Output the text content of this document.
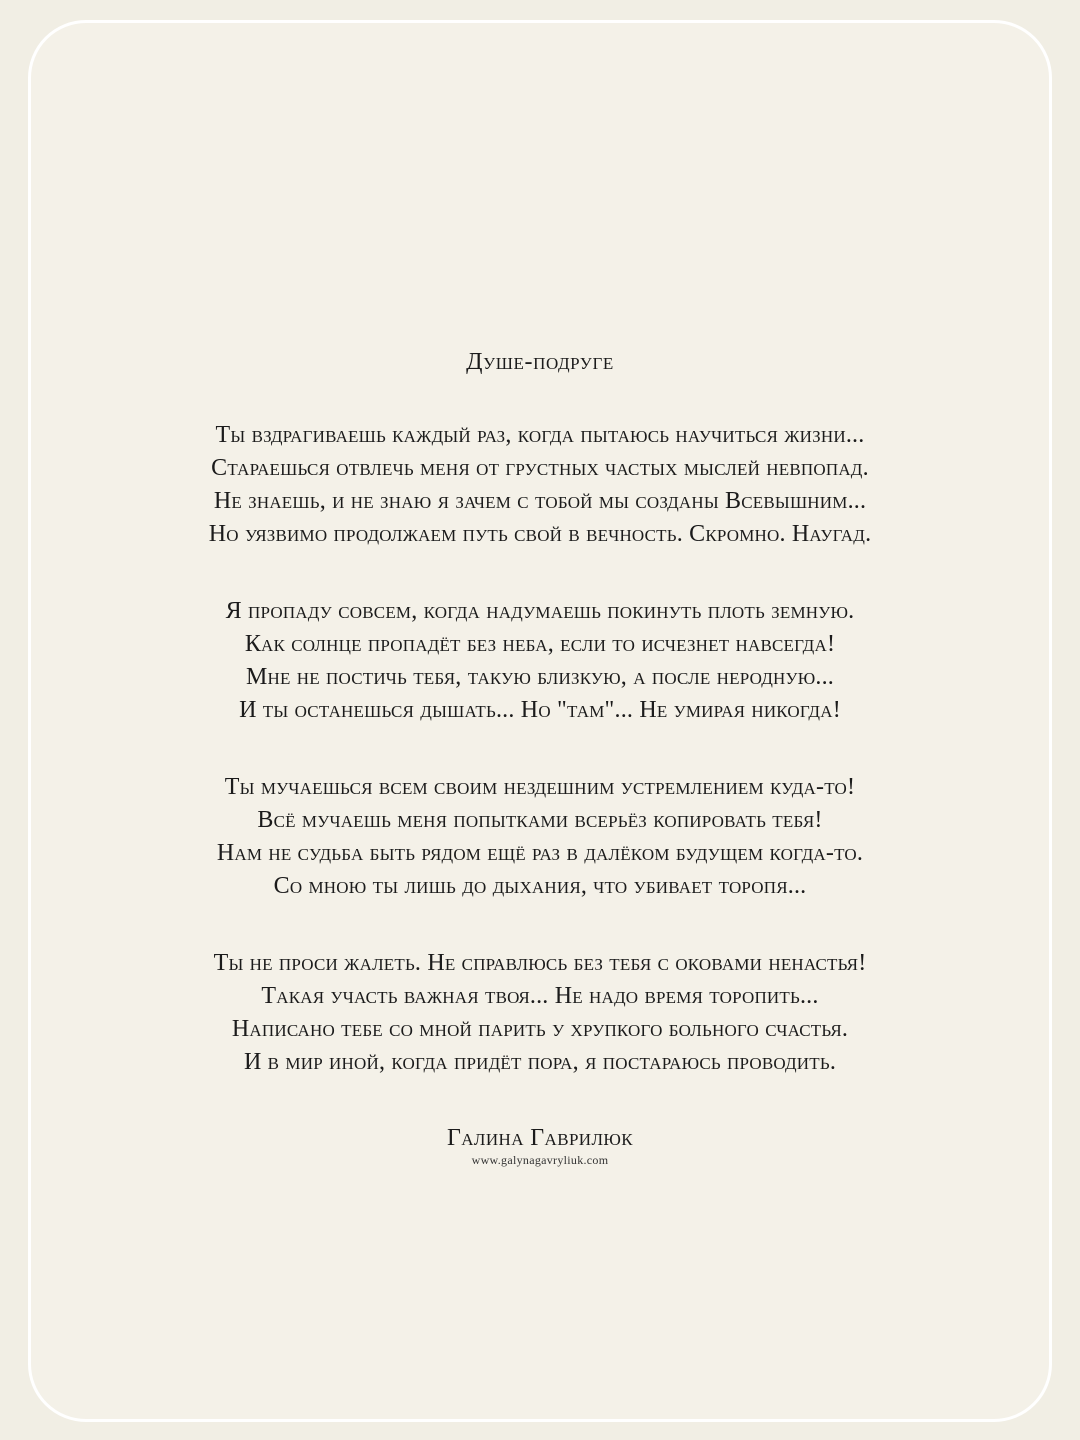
Душе-подруге
Ты вздрагиваешь каждый раз, когда пытаюсь научиться жизни...
Стараешься отвлечь меня от грустных частых мыслей невпопад.
Не знаешь, и не знаю я зачем с тобой мы созданы Всевышним...
Но уязвимо продолжаем путь свой в вечность. Скромно. Наугад.
Я пропаду совсем, когда надумаешь покинуть плоть земную.
Как солнце пропадёт без неба, если то исчезнет навсегда!
Мне не постичь тебя, такую близкую, а после неродную...
И ты останешься дышать... Но "там"... Не умирая никогда!
Ты мучаешься всем своим нездешним устремлением куда-то!
Всё мучаешь меня попытками всерьёз копировать тебя!
Нам не судьба быть рядом ещё раз в далёком будущем когда-то.
Со мною ты лишь до дыхания, что убивает торопя...
Ты не проси жалеть. Не справлюсь без тебя с оковами ненастья!
Такая участь важная твоя... Не надо время торопить...
Написано тебе со мной парить у хрупкого больного счастья.
И в мир иной, когда придёт пора, я постараюсь проводить.
Галина Гаврилюк
www.galynagavryliuk.com
